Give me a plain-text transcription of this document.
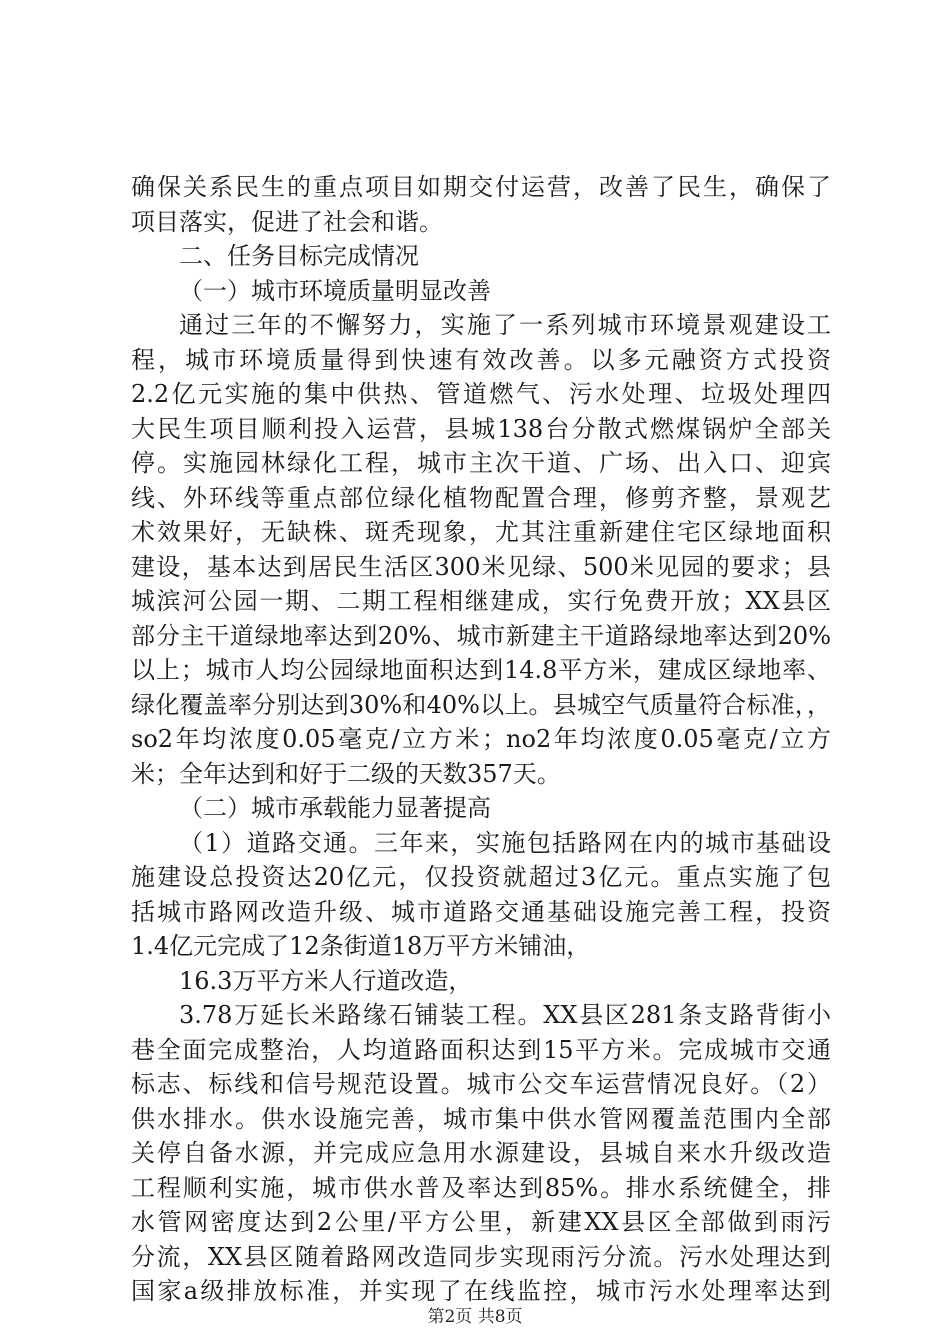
确保关系民生的重点项目如期交付运营，改善了民生，确保了
项目落实，促进了社会和谐。
二、任务目标完成情况
（一）城市环境质量明显改善
通过三年的不懈努力，实施了一系列城市环境景观建设工
程，城市环境质量得到快速有效改善。以多元融资方式投资
2.2亿元实施的集中供热、管道燃气、污水处理、垃圾处理四
大民生项目顺利投入运营，县城138台分散式燃煤锅炉全部关
停。实施园林绿化工程，城市主次干道、广场、出入口、迎宾
线、外环线等重点部位绿化植物配置合理，修剪齐整，景观艺
术效果好，无缺株、斑秃现象，尤其注重新建住宅区绿地面积
建设，基本达到居民生活区300米见绿、500米见园的要求；县
城滨河公园一期、二期工程相继建成，实行免费开放；XX县区
部分主干道绿地率达到20%、城市新建主干道路绿地率达到20%
以上；城市人均公园绿地面积达到14.8平方米，建成区绿地率、
绿化覆盖率分别达到30%和40%以上。县城空气质量符合标准，，
so2年均浓度0.05毫克/立方米；no2年均浓度0.05毫克/立方
米；全年达到和好于二级的天数357天。
（二）城市承载能力显著提高
（1）道路交通。三年来，实施包括路网在内的城市基础设
施建设总投资达20亿元，仅投资就超过3亿元。重点实施了包
括城市路网改造升级、城市道路交通基础设施完善工程，投资
1.4亿元完成了12条街道18万平方米铺油，
16.3万平方米人行道改造，
3.78万延长米路缘石铺装工程。XX县区281条支路背街小
巷全面完成整治，人均道路面积达到15平方米。完成城市交通
标志、标线和信号规范设置。城市公交车运营情况良好。（2）
供水排水。供水设施完善，城市集中供水管网覆盖范围内全部
关停自备水源，并完成应急用水源建设，县城自来水升级改造
工程顺利实施，城市供水普及率达到85%。排水系统健全，排
水管网密度达到2公里/平方公里，新建XX县区全部做到雨污
分流，XX县区随着路网改造同步实现雨污分流。污水处理达到
国家a级排放标准，并实现了在线监控，城市污水处理率达到
第2页 共8页
